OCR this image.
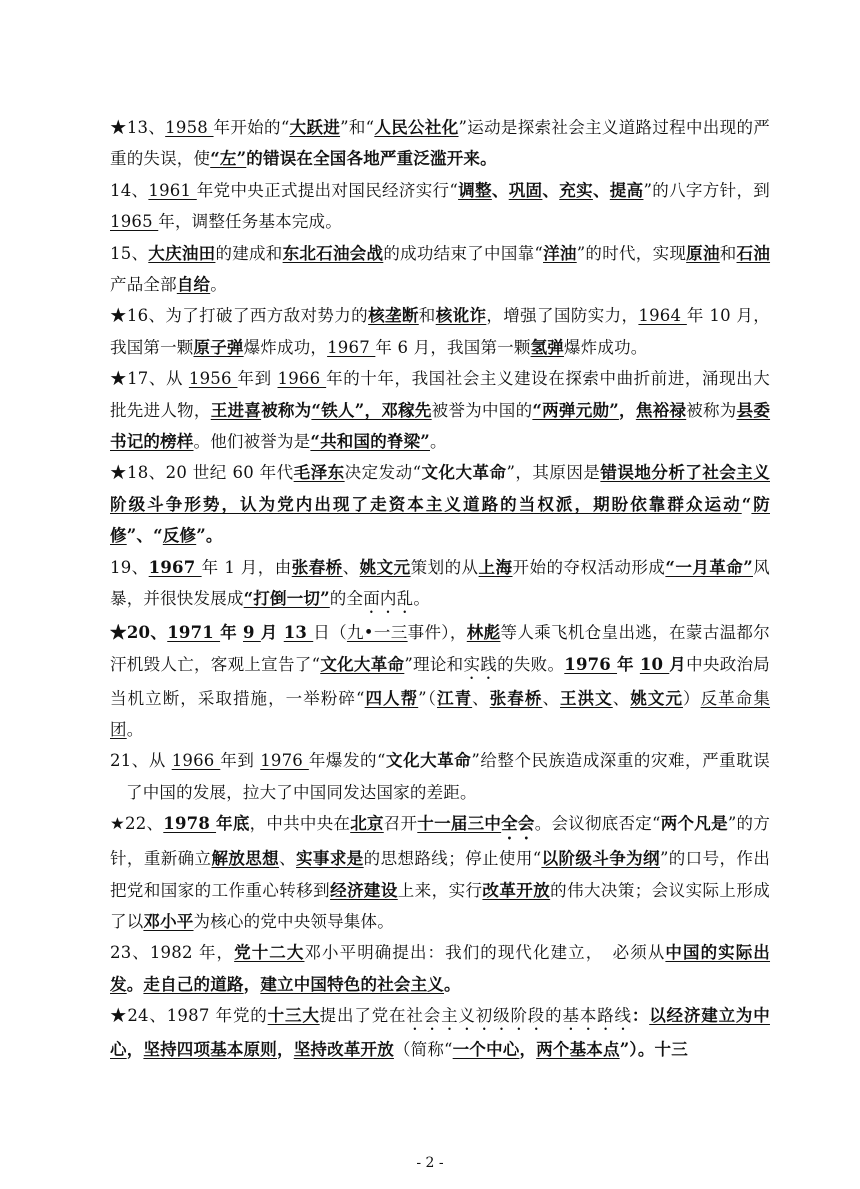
★13、1958 年开始的“大跃进”和“人民公社化”运动是探索社会主义道路过程中出现的严重的失误，使“左”的错误在全国各地严重泛滥开来。

14、1961 年党中央正式提出对国民经济实行“调整、巩固、充实、提高”的八字方针，到 1965 年，调整任务基本完成。

15、大庆油田的建成和东北石油会战的成功结束了中国靠“洋油”的时代，实现原油和石油产品全部自给。

★16、为了打破了西方敌对势力的核垄断和核讹诈，增强了国防实力，1964 年 10 月，我国第一颗原子弹爆炸成功，1967 年 6 月，我国第一颗氢弹爆炸成功。

★17、从 1956 年到 1966 年的十年，我国社会主义建设在探索中曲折前进，涌现出大批先进人物，王进喜被称为“铁人”，邓稼先被誉为中国的“两弹元勋”，焦裕禄被称为县委书记的榜样。他们被誉为是“共和国的脊梁”。

★18、20 世纪 60 年代毛泽东决定发动“文化大革命”，其原因是错误地分析了社会主义阶级斗争形势，认为党内出现了走资本主义道路的当权派，期盼依靠群众运动“防修”、“反修”。

19、1967 年 1 月，由张春桥、姚文元策划的从上海开始的夺权活动形成“一月革命”风暴，并很快发展成“打倒一切”的全面内乱。

★20、1971 年 9 月 13 日（九•一三事件），林彪等人乘飞机仓皇出逃，在蒙古温都尔汗机毁人亡，客观上宣告了“文化大革命”理论和实践的失败。1976 年 10 月中央政治局当机立断，采取措施，一举粉碎“四人帮”（江青、张春桥、王洪文、姚文元）反革命集团。

21、从 1966 年到 1976 年爆发的“文化大革命”给整个民族造成深重的灾难，严重耽误了中国的发展，拉大了中国同发达国家的差距。

★22、1978 年底，中共中央在北京召开十一届三中全会。会议彻底否定“两个凡是”的方针，重新确立解放思想、实事求是的思想路线；停止使用“以阶级斗争为纲”的口号，作出把党和国家的工作重心转移到经济建设上来，实行改革开放的伟大决策；会议实际上形成了以邓小平为核心的党中央领导集体。

23、1982 年，党十二大邓小平明确提出：我们的现代化建立，　必须从中国的实际出发。走自己的道路，建立中国特色的社会主义。

★24、1987 年党的十三大提出了党在社会主义初级阶段的基本路线：以经济建立为中心，坚持四项基本原则，坚持改革开放（简称“一个中心，两个基本点”）。十三

- 2 -
